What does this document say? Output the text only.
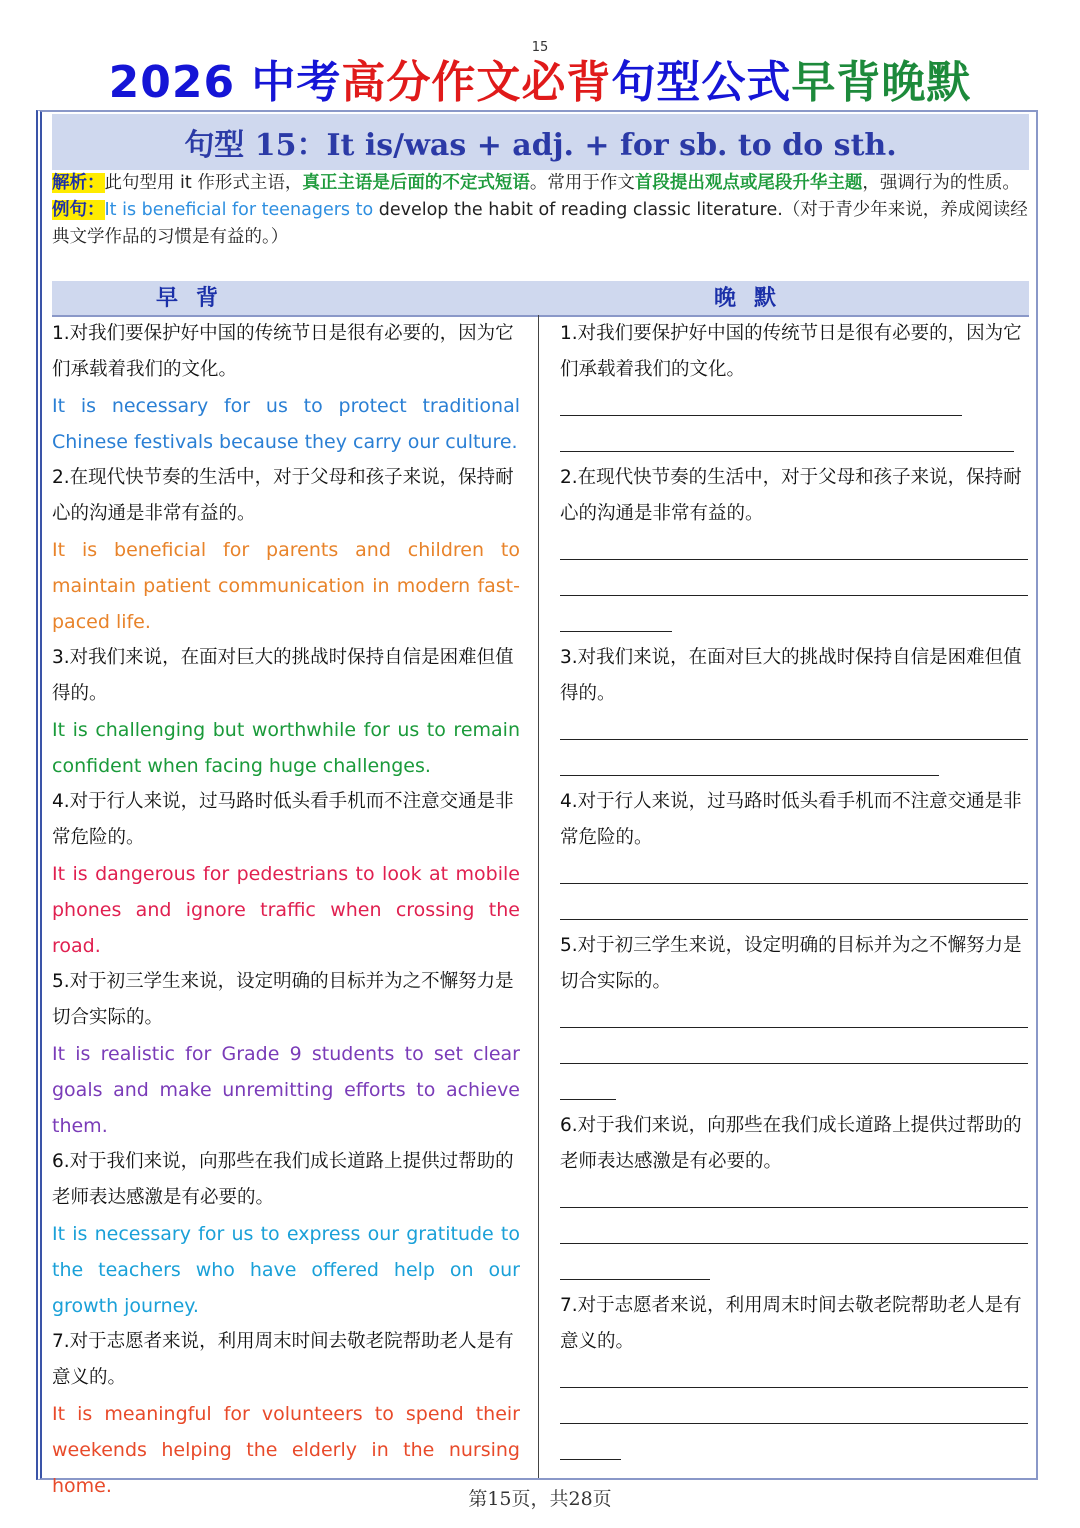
15
2026 中考高分作文必背句型公式早背晚默
句型 15：It is/was + adj. + for sb. to do sth.
解析：此句型用 it 作形式主语，真正主语是后面的不定式短语。常用于作文首段提出观点或尾段升华主题，强调行为的性质。
例句：It is beneficial for teenagers to develop the habit of reading classic literature.（对于青少年来说，养成阅读经典文学作品的习惯是有益的。）
早背	晚默
1.对我们要保护好中国的传统节日是很有必要的，因为它们承载着我们的文化。
It is necessary for us to protect traditional Chinese festivals because they carry our culture.
2.在现代快节奏的生活中，对于父母和孩子来说，保持耐心的沟通是非常有益的。
It is beneficial for parents and children to maintain patient communication in modern fast-paced life.
3.对我们来说，在面对巨大的挑战时保持自信是困难但值得的。
It is challenging but worthwhile for us to remain confident when facing huge challenges.
4.对于行人来说，过马路时低头看手机而不注意交通是非常危险的。
It is dangerous for pedestrians to look at mobile phones and ignore traffic when crossing the road.
5.对于初三学生来说，设定明确的目标并为之不懈努力是切合实际的。
It is realistic for Grade 9 students to set clear goals and make unremitting efforts to achieve them.
6.对于我们来说，向那些在我们成长道路上提供过帮助的老师表达感激是有必要的。
It is necessary for us to express our gratitude to the teachers who have offered help on our growth journey.
7.对于志愿者来说，利用周末时间去敬老院帮助老人是有意义的。
It is meaningful for volunteers to spend their weekends helping the elderly in the nursing home.
1.对我们要保护好中国的传统节日是很有必要的，因为它们承载着我们的文化。
2.在现代快节奏的生活中，对于父母和孩子来说，保持耐心的沟通是非常有益的。
3.对我们来说，在面对巨大的挑战时保持自信是困难但值得的。
4.对于行人来说，过马路时低头看手机而不注意交通是非常危险的。
5.对于初三学生来说，设定明确的目标并为之不懈努力是切合实际的。
6.对于我们来说，向那些在我们成长道路上提供过帮助的老师表达感激是有必要的。
7.对于志愿者来说，利用周末时间去敬老院帮助老人是有意义的。
第15页，共28页
